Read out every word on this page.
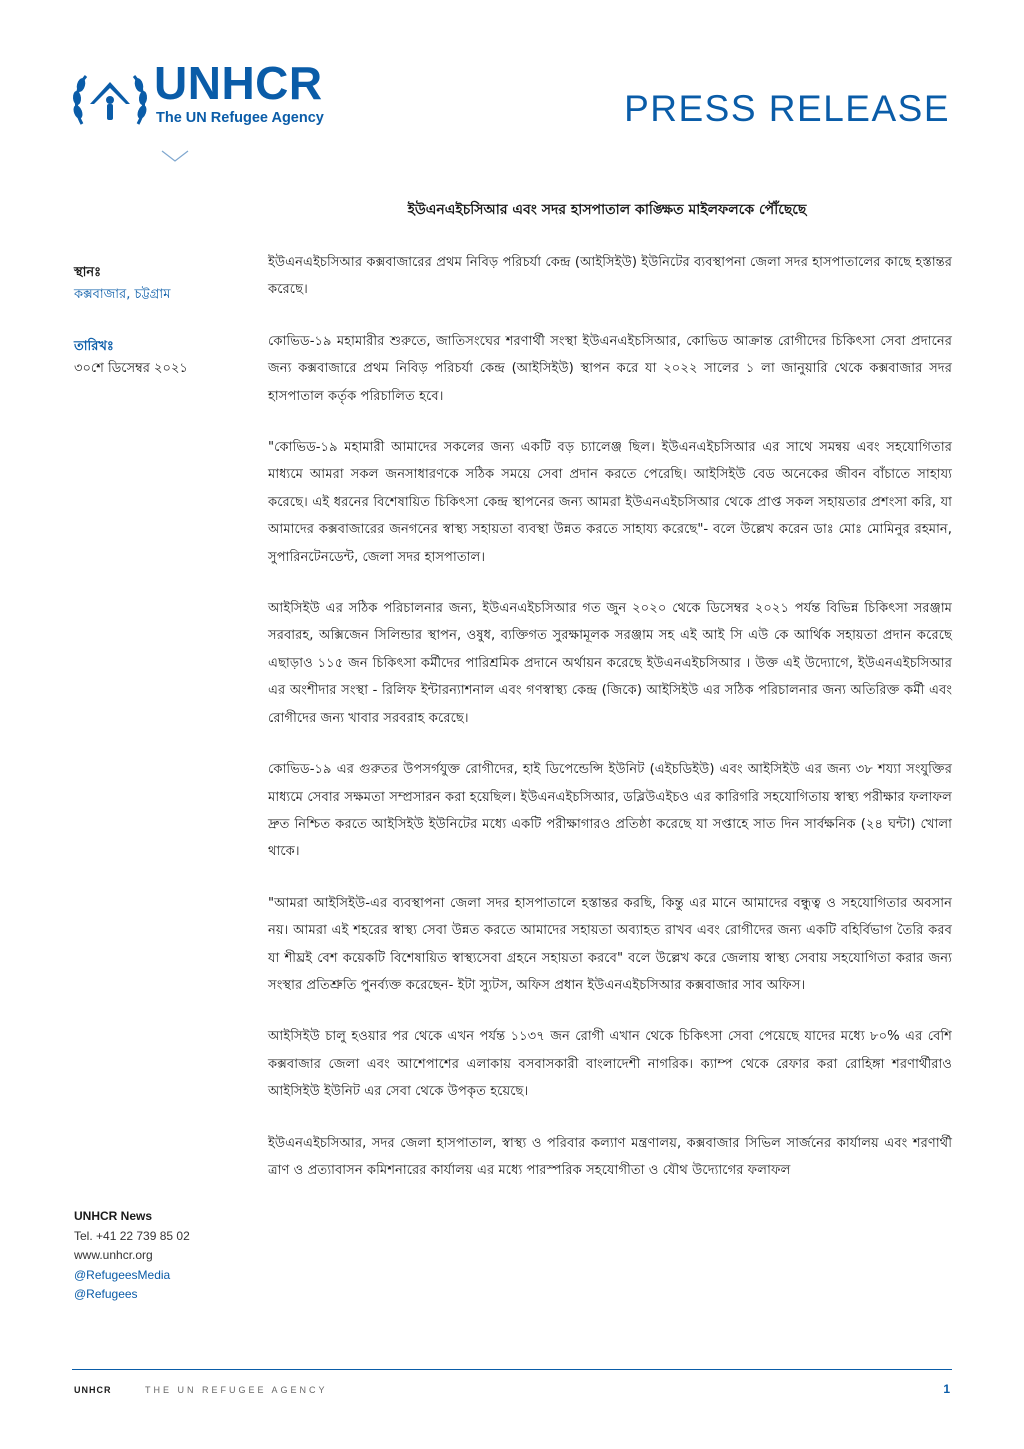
UNHCR
The UN Refugee Agency	PRESS RELEASE
ইউএনএইচসিআর এবং সদর হাসপাতাল কাঙ্ক্ষিত মাইলফলকে পৌঁছেছে
স্থানঃ
কক্সবাজার, চট্টগ্রাম
তারিখঃ
৩০শে ডিসেম্বর ২০২১

ইউএনএইচসিআর কক্সবাজারের প্রথম নিবিড় পরিচর্যা কেন্দ্র (আইসিইউ) ইউনিটের ব্যবস্থাপনা জেলা সদর হাসপাতালের কাছে হস্তান্তর করেছে।

কোভিড-১৯ মহামারীর শুরুতে, জাতিসংঘের শরণার্থী সংস্থা ইউএনএইচসিআর, কোভিড আক্রান্ত রোগীদের চিকিৎসা সেবা প্রদানের জন্য কক্সবাজারে প্রথম নিবিড় পরিচর্যা কেন্দ্র (আইসিইউ) স্থাপন করে যা ২০২২ সালের ১ লা জানুয়ারি থেকে কক্সবাজার সদর হাসপাতাল কর্তৃক পরিচালিত হবে।

"কোভিড-১৯ মহামারী আমাদের সকলের জন্য একটি বড় চ্যালেঞ্জ ছিল। ইউএনএইচসিআর এর সাথে সমন্বয় এবং সহযোগিতার মাধ্যমে আমরা সকল জনসাধারণকে সঠিক সময়ে সেবা প্রদান করতে পেরেছি। আইসিইউ বেড অনেকের জীবন বাঁচাতে সাহায্য করেছে। এই ধরনের বিশেষায়িত চিকিৎসা কেন্দ্র স্থাপনের জন্য আমরা ইউএনএইচসিআর থেকে প্রাপ্ত সকল সহায়তার প্রশংসা করি, যা আমাদের কক্সবাজারের জনগনের স্বাস্থ্য সহায়তা ব্যবস্থা উন্নত করতে সাহায্য করেছে"- বলে উল্লেখ করেন ডাঃ মোঃ মোমিনুর রহমান, সুপারিনটেনডেন্ট, জেলা সদর হাসপাতাল।

আইসিইউ এর সঠিক পরিচালনার জন্য, ইউএনএইচসিআর গত জুন ২০২০ থেকে ডিসেম্বর ২০২১ পর্যন্ত বিভিন্ন চিকিৎসা সরঞ্জাম সরবারহ, অক্সিজেন সিলিন্ডার স্থাপন, ওষুধ, ব্যক্তিগত সুরক্ষামূলক সরঞ্জাম সহ এই আই সি এউ কে আর্থিক সহায়তা প্রদান করেছে এছাড়াও ১১৫ জন চিকিৎসা কর্মীদের পারিশ্রমিক প্রদানে অর্থায়ন করেছে ইউএনএইচসিআর । উক্ত এই উদ্যোগে, ইউএনএইচসিআর এর অংশীদার সংস্থা - রিলিফ ইন্টারন্যাশনাল এবং গণস্বাস্থ্য কেন্দ্র (জিকে) আইসিইউ এর সঠিক পরিচালনার জন্য অতিরিক্ত কর্মী এবং রোগীদের জন্য খাবার সরবরাহ করেছে।

কোভিড-১৯ এর গুরুতর উপসর্গযুক্ত রোগীদের, হাই ডিপেন্ডেন্সি ইউনিট (এইচডিইউ) এবং আইসিইউ এর জন্য ৩৮ শয্যা সংযুক্তির মাধ্যমে সেবার সক্ষমতা সম্প্রসারন করা হয়েছিল। ইউএনএইচসিআর, ডব্লিউএইচও এর কারিগরি সহযোগিতায় স্বাস্থ্য পরীক্ষার ফলাফল দ্রুত নিশ্চিত করতে আইসিইউ ইউনিটের মধ্যে একটি পরীক্ষাগারও প্রতিষ্ঠা করেছে যা সপ্তাহে সাত দিন সার্বক্ষনিক (২৪ ঘন্টা) খোলা থাকে।

"আমরা আইসিইউ-এর ব্যবস্থাপনা জেলা সদর হাসপাতালে হস্তান্তর করছি, কিন্তু এর মানে আমাদের বন্ধুত্ব ও সহযোগিতার অবসান নয়। আমরা এই শহরের স্বাস্থ্য সেবা উন্নত করতে আমাদের সহায়তা অব্যাহত রাখব এবং রোগীদের জন্য একটি বহির্বিভাগ তৈরি করব যা শীঘ্রই বেশ কয়েকটি বিশেষায়িত স্বাস্থ্যসেবা গ্রহনে সহায়তা করবে" বলে উল্লেখ করে জেলায় স্বাস্থ্য সেবায় সহযোগিতা করার জন্য সংস্থার প্রতিশ্রুতি পুনর্ব্যক্ত করেছেন- ইটা স্যুটস, অফিস প্রধান ইউএনএইচসিআর কক্সবাজার সাব অফিস।

আইসিইউ চালু হওয়ার পর থেকে এখন পর্যন্ত ১১৩৭ জন রোগী এখান থেকে চিকিৎসা সেবা পেয়েছে যাদের মধ্যে ৮০% এর বেশি কক্সবাজার জেলা এবং আশেপাশের এলাকায় বসবাসকারী বাংলাদেশী নাগরিক। ক্যাম্প থেকে রেফার করা রোহিঙ্গা শরণার্থীরাও আইসিইউ ইউনিট এর সেবা থেকে উপকৃত হয়েছে।

ইউএনএইচসিআর, সদর জেলা হাসপাতাল, স্বাস্থ্য ও পরিবার কল্যাণ মন্ত্রণালয়, কক্সবাজার সিভিল সার্জনের কার্যালয় এবং শরণার্থী ত্রাণ ও প্রত্যাবাসন কমিশনারের কার্যালয় এর মধ্যে পারস্পরিক সহযোগীতা ও যৌথ উদ্যোগের ফলাফল

UNHCR News
Tel. +41 22 739 85 02
www.unhcr.org
@RefugeesMedia
@Refugees
UNHCR	THE UN REFUGEE AGENCY	1
